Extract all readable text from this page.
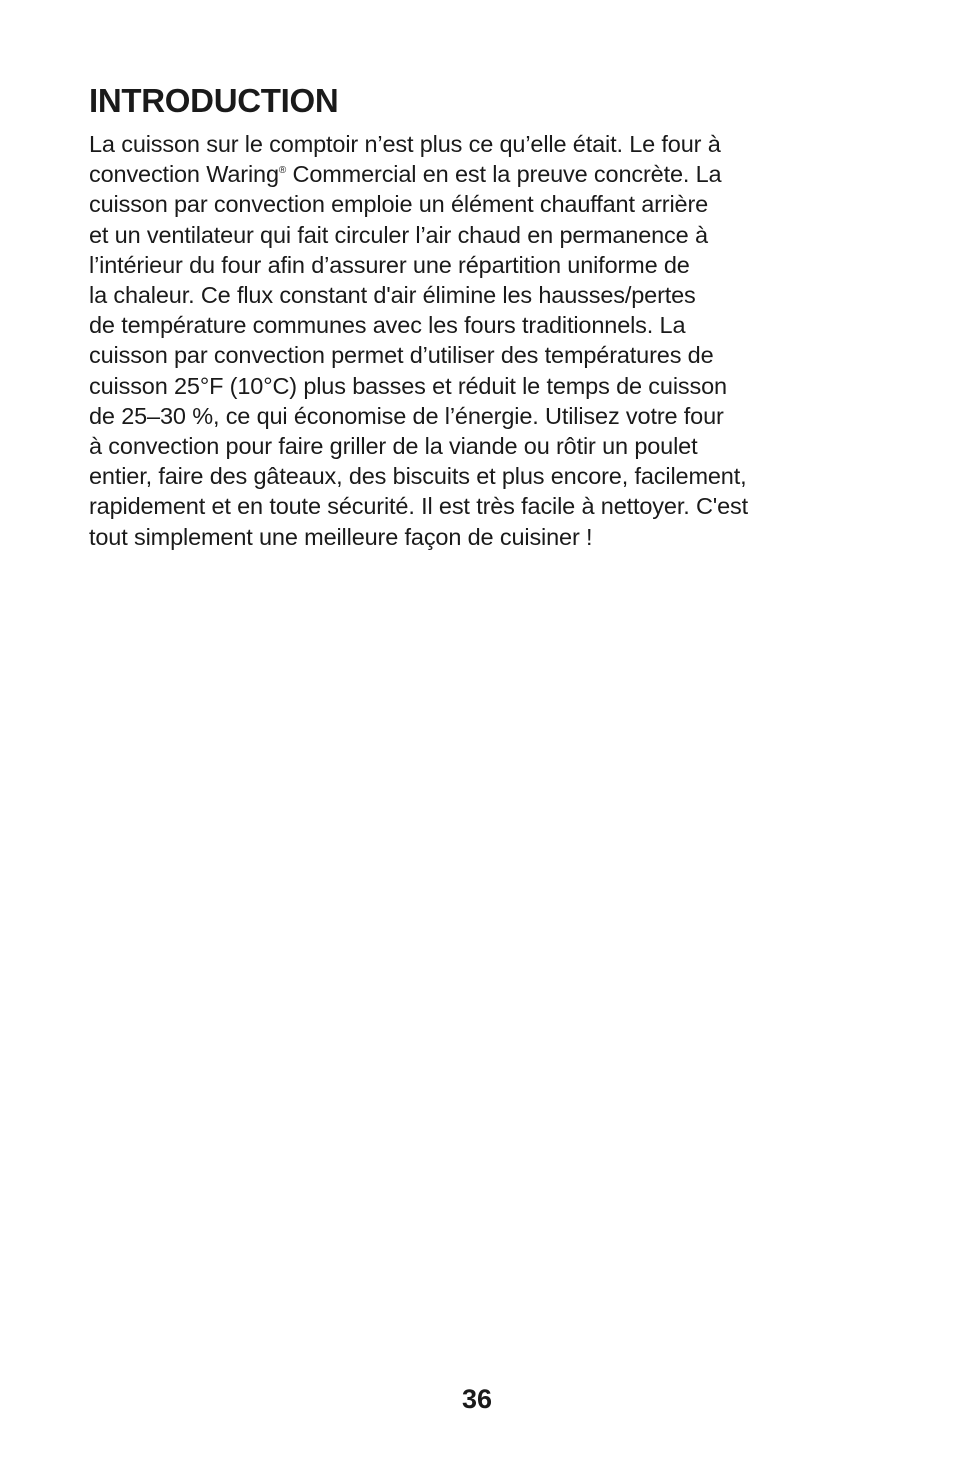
INTRODUCTION

La cuisson sur le comptoir n’est plus ce qu’elle était. Le four à
convection Waring® Commercial en est la preuve concrète. La
cuisson par convection emploie un élément chauffant arrière
et un ventilateur qui fait circuler l’air chaud en permanence à
l’intérieur du four afin d’assurer une répartition uniforme de
la chaleur. Ce flux constant d'air élimine les hausses/pertes
de température communes avec les fours traditionnels. La
cuisson par convection permet d’utiliser des températures de
cuisson 25°F (10°C) plus basses et réduit le temps de cuisson
de 25–30 %, ce qui économise de l’énergie. Utilisez votre four
à convection pour faire griller de la viande ou rôtir un poulet
entier, faire des gâteaux, des biscuits et plus encore, facilement,
rapidement et en toute sécurité. Il est très facile à nettoyer. C'est
tout simplement une meilleure façon de cuisiner !

36
